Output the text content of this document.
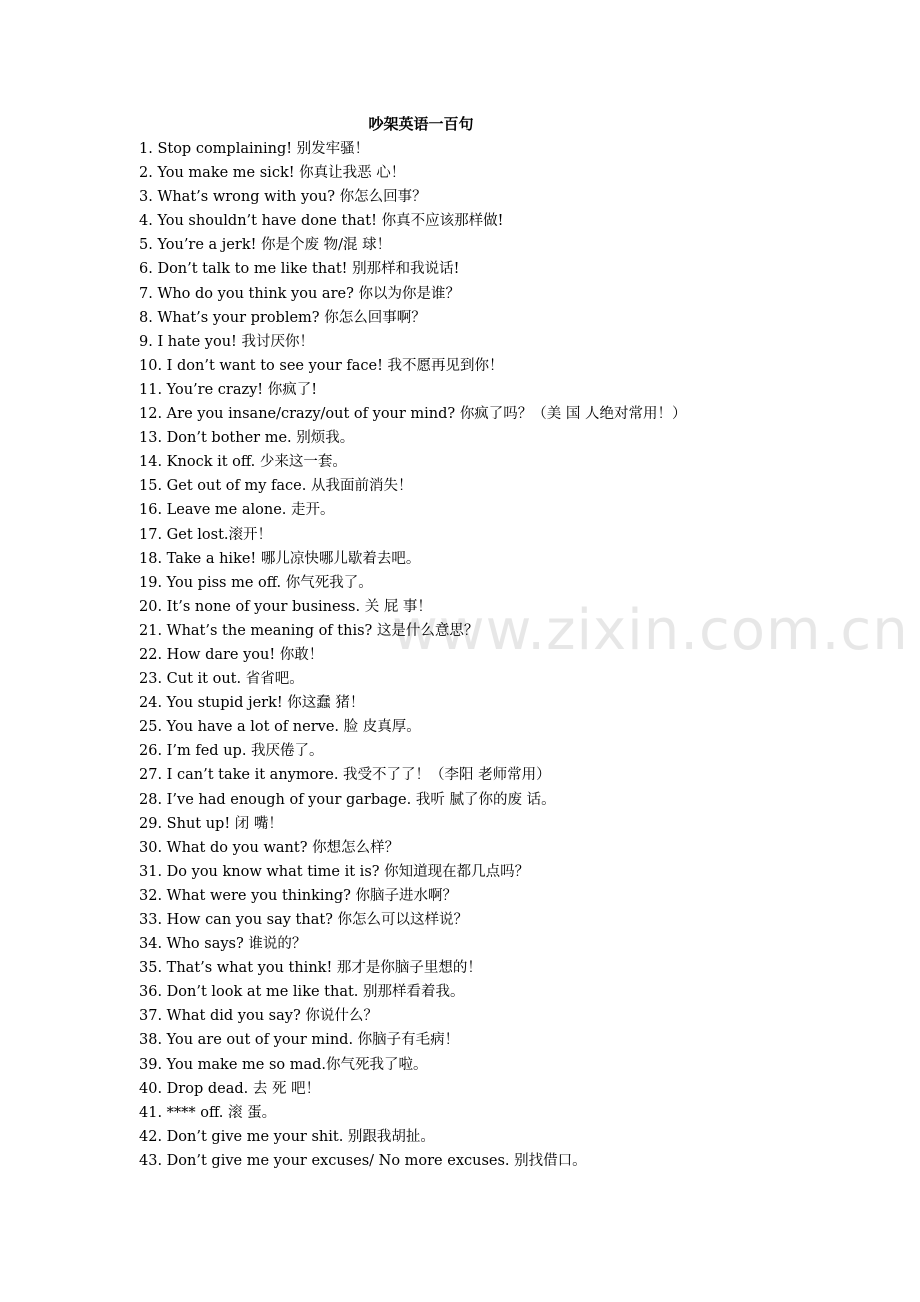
吵架英语一百句
1. Stop complaining! 别发牢骚！
2. You make me sick! 你真让我恶 心！
3. What’s wrong with you? 你怎么回事？
4. You shouldn’t have done that! 你真不应该那样做!
5. You’re a jerk! 你是个废 物/混 球！
6. Don’t talk to me like that! 别那样和我说话!
7. Who do you think you are? 你以为你是谁？
8. What’s your problem? 你怎么回事啊？
9. I hate you! 我讨厌你！
10. I don’t want to see your face! 我不愿再见到你！
11. You’re crazy! 你疯了!
12. Are you insane/crazy/out of your mind? 你疯了吗？（美 国 人绝对常用！）
13. Don’t bother me. 别烦我。
14. Knock it off. 少来这一套。
15. Get out of my face. 从我面前消失！
16. Leave me alone. 走开。
17. Get lost.滚开！
18. Take a hike! 哪儿凉快哪儿歇着去吧。
19. You piss me off. 你气死我了。
20. It’s none of your business. 关 屁 事！
21. What’s the meaning of this? 这是什么意思？
22. How dare you! 你敢！
23. Cut it out. 省省吧。
24. You stupid jerk! 你这蠢 猪！
25. You have a lot of nerve. 脸 皮真厚。
26. I’m fed up. 我厌倦了。
27. I can’t take it anymore. 我受不了了！（李阳 老师常用）
28. I’ve had enough of your garbage. 我听 腻了你的废 话。
29. Shut up! 闭 嘴！
30. What do you want? 你想怎么样？
31. Do you know what time it is? 你知道现在都几点吗？
32. What were you thinking? 你脑子进水啊？
33. How can you say that? 你怎么可以这样说？
34. Who says? 谁说的？
35. That’s what you think! 那才是你脑子里想的！
36. Don’t look at me like that. 别那样看着我。
37. What did you say? 你说什么？
38. You are out of your mind. 你脑子有毛病！
39. You make me so mad.你气死我了啦。
40. Drop dead. 去 死 吧！
41. **** off. 滚 蛋。
42. Don’t give me your shit. 别跟我胡扯。
43. Don’t give me your excuses/ No more excuses. 别找借口。
www.zixin.com.cn
